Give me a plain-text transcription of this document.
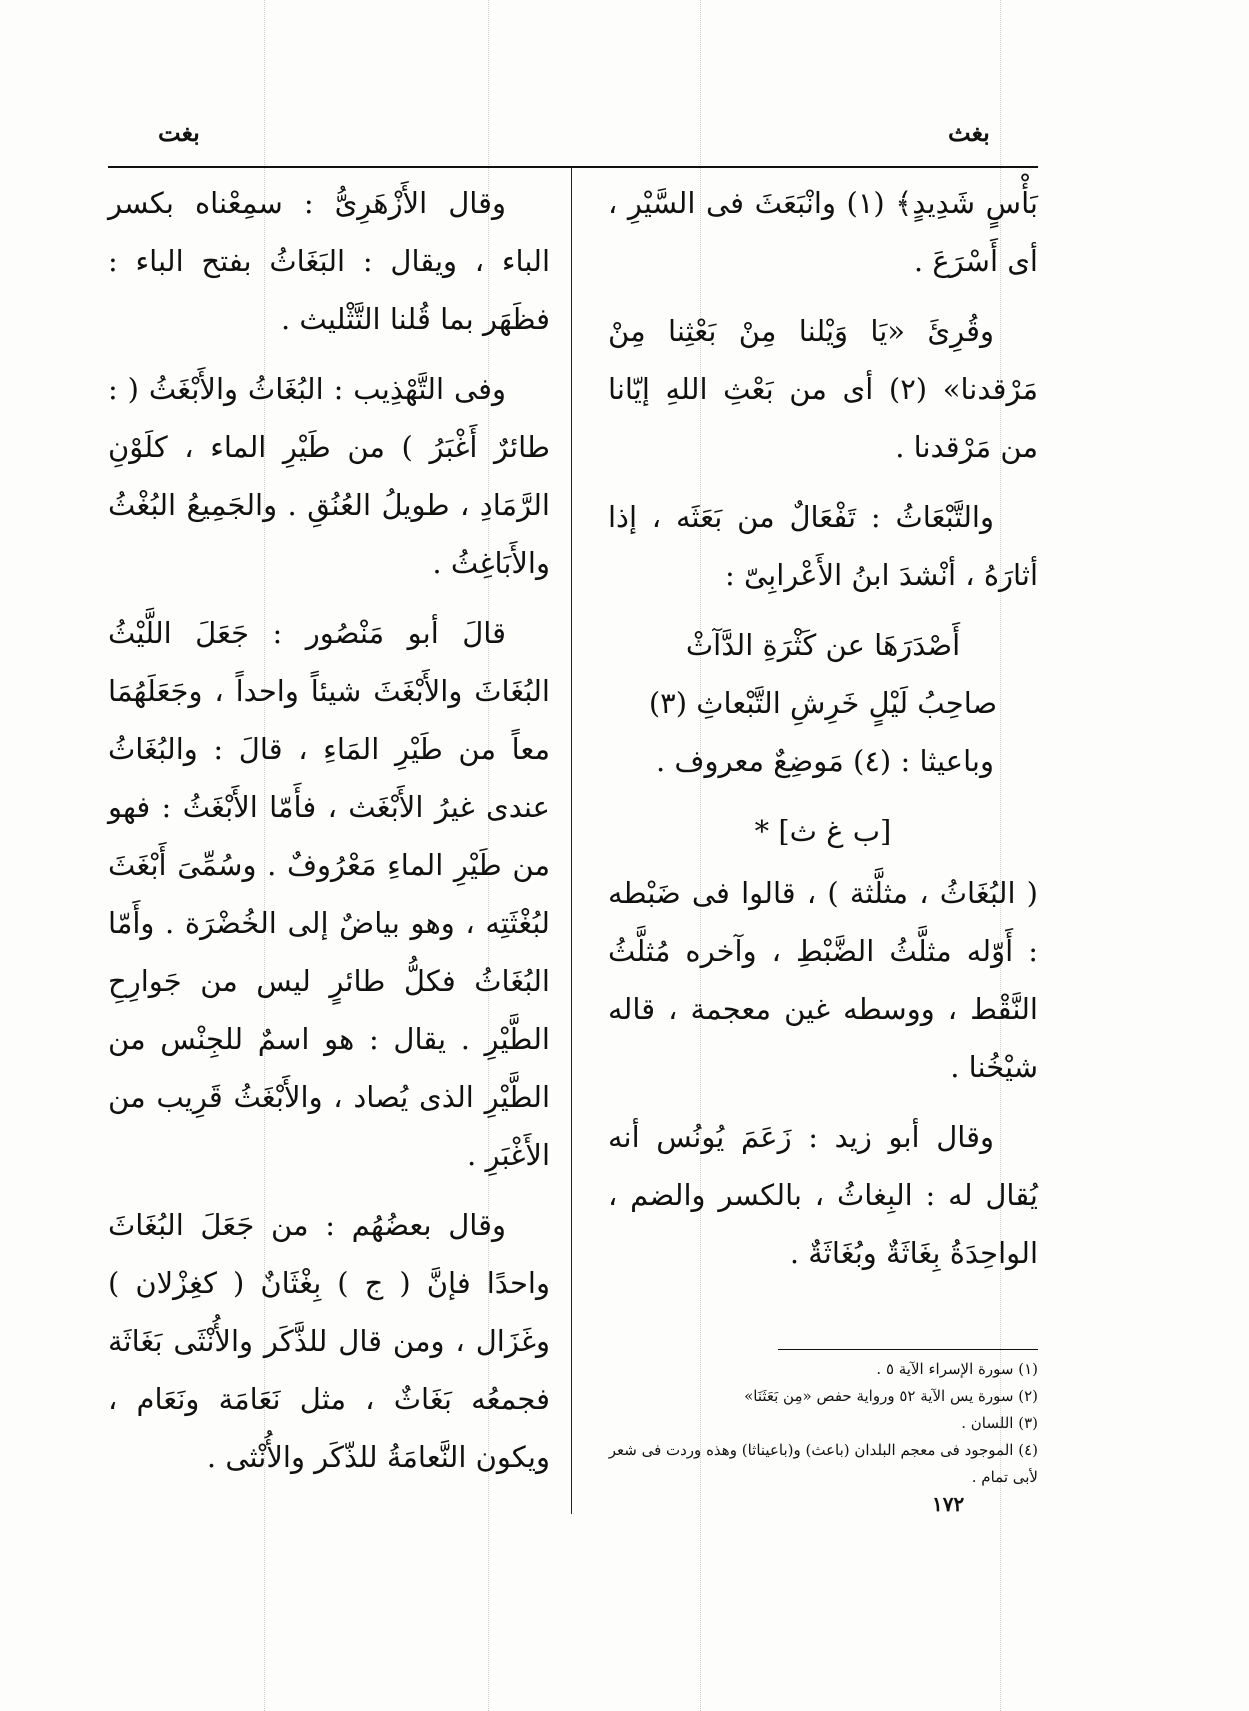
بغت	بغث

بَأْسٍ شَدِيدٍ﴾ (١) وانْبَعَثَ فى السَّيْرِ ، أى أَسْرَعَ .

وقُرِئَ «يَا وَيْلنا مِنْ بَعْثِنا مِنْ مَرْقدنا» (٢) أى من بَعْثِ اللهِ إيّانا من مَرْقدنا .

والتَّبْعَاثُ : تَفْعَالٌ من بَعَثَه ، إذا أثارَهُ ، أنْشدَ ابنُ الأَعْرابِىّ :

أَصْدَرَهَا عن كَثْرَةِ الدَّآثْ

صاحِبُ لَيْلٍ خَرِشِ التَّبْعاثِ (٣)

وباعيثا : (٤) مَوضِعٌ معروف .

[ب غ ث] *

( البُغَاثُ ، مثلَّثة ) ، قالوا فى ضَبْطه : أَوّله مثلَّثُ الضَّبْطِ ، وآخره مُثلَّثُ النَّقْط ، ووسطه غين معجمة ، قاله شيْخُنا .

وقال أبو زيد : زَعَمَ يُونُس أنه يُقال له : البِغاثُ ، بالكسر والضم ، الواحِدَةُ بِغَاثَةٌ وبُغَاثَةٌ .

وقال الأَزْهَرِىُّ : سمِعْناه بكسر الباء ، ويقال : البَغَاثُ بفتح الباء : فظَهَر بما قُلنا التَّثْليث .

وفى التَّهْذِيب : البُغَاثُ والأَبْغَثُ ( : طائرٌ أَغْبَرُ ) من طَيْرِ الماء ، كلَوْنِ الرَّمَادِ ، طويلُ العُنُقِ . والجَمِيعُ البُغْثُ والأَبَاغِثُ .

قالَ أبو مَنْصُور : جَعَلَ اللَّيْثُ البُغَاثَ والأَبْغَثَ شيئاً واحداً ، وجَعَلَهُمَا معاً من طَيْرِ المَاءِ ، قالَ : والبُغَاثُ عندى غيرُ الأَبْغَث ، فأَمّا الأَبْغَثُ : فهو من طَيْرِ الماءِ مَعْرُوفٌ . وسُمِّىَ أَبْغَثَ لبُغْثَتِه ، وهو بياضٌ إلى الخُضْرَة . وأَمّا البُغَاثُ فكلُّ طائرٍ ليس من جَوارِحِ الطَّيْرِ . يقال : هو اسمٌ للجِنْس من الطَّيْرِ الذى يُصاد ، والأَبْغَثُ قَرِيب من الأَغْبَرِ .

وقال بعضُهُم : من جَعَلَ البُغَاثَ واحدًا فإنَّ ( ج ) بِغْثَانٌ ( كغِزْلان ) وغَزَال ، ومن قال للذَّكَر والأُنْثَى بَغَاثَة فجمعُه بَغَاثٌ ، مثل نَعَامَة ونَعَام ، ويكون النَّعامَةُ للذّكَر والأُنْثى .

(١) سورة الإسراء الآية ٥ .

(٢) سورة يس الآية ٥٢ ورواية حفص «مِن بَعَثَنَا»

(٣) اللسان .

(٤) الموجود فى معجم البلدان (باعث) و(باعيناثا) وهذه وردت فى شعر لأبى تمام .

١٧٢
